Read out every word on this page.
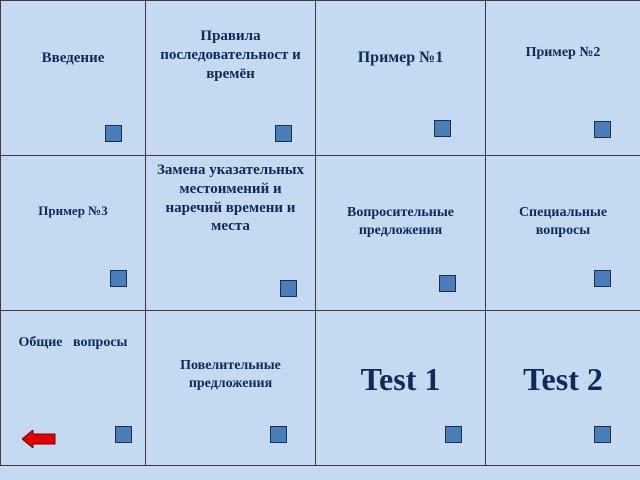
Введение	Правила последовательност и времён	Пример №1	Пример №2

Пример №3	Замена указательных местоимений и наречий времени и места	Вопросительные предложения	Специальные вопросы

Общие   вопросы	Повелительные предложения	Test 1	Test 2
